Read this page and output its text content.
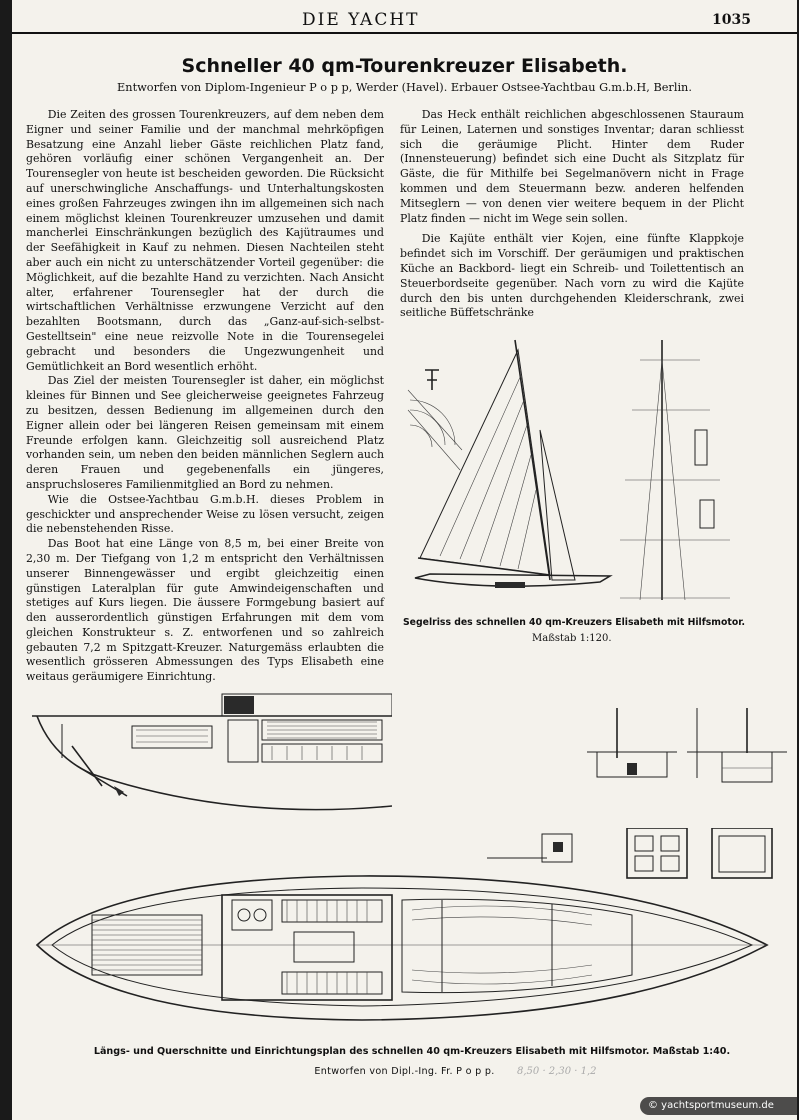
DIE YACHT	1035
Schneller 40 qm-Tourenkreuzer Elisabeth.
Entworfen von Diplom-Ingenieur P o p p, Werder (Havel). Erbauer Ostsee-Yachtbau G.m.b.H, Berlin.

Die Zeiten des grossen Tourenkreuzers, auf dem neben dem Eigner und seiner Familie und der manchmal mehrköpfigen Besatzung eine Anzahl lieber Gäste reichlichen Platz fand, gehören vorläufig einer schönen Vergangenheit an. Der Tourensegler von heute ist bescheiden geworden. Die Rücksicht auf unerschwingliche Anschaffungs- und Unterhaltungskosten eines großen Fahrzeuges zwingen ihn im allgemeinen sich nach einem möglichst kleinen Tourenkreuzer umzusehen und damit mancherlei Einschränkungen bezüglich des Kajütraumes und der Seefähigkeit in Kauf zu nehmen. Diesen Nachteilen steht aber auch ein nicht zu unterschätzender Vorteil gegenüber: die Möglichkeit, auf die bezahlte Hand zu verzichten. Nach Ansicht alter, erfahrener Tourensegler hat der durch die wirtschaftlichen Verhältnisse erzwungene Verzicht auf den bezahlten Bootsmann, durch das „Ganz-auf-sich-selbst-Gestelltsein" eine neue reizvolle Note in die Tourensegelei gebracht und besonders die Ungezwungenheit und Gemütlichkeit an Bord wesentlich erhöht.

Das Ziel der meisten Tourensegler ist daher, ein möglichst kleines für Binnen und See gleicherweise geeignetes Fahrzeug zu besitzen, dessen Bedienung im allgemeinen durch den Eigner allein oder bei längeren Reisen gemeinsam mit einem Freunde erfolgen kann. Gleichzeitig soll ausreichend Platz vorhanden sein, um neben den beiden männlichen Seglern auch deren Frauen und gegebenenfalls ein jüngeres, anspruchsloseres Familienmitglied an Bord zu nehmen.

Wie die Ostsee-Yachtbau G.m.b.H. dieses Problem in geschickter und ansprechender Weise zu lösen versucht, zeigen die nebenstehenden Risse.

Das Boot hat eine Länge von 8,5 m, bei einer Breite von 2,30 m. Der Tiefgang von 1,2 m entspricht den Verhältnissen unserer Binnengewässer und ergibt gleichzeitig einen günstigen Lateralplan für gute Amwindeigenschaften und stetiges auf Kurs liegen. Die äussere Formgebung basiert auf den ausserordentlich günstigen Erfahrungen mit dem vom gleichen Konstrukteur s. Z. entworfenen und so zahlreich gebauten 7,2 m Spitzgatt-Kreuzer. Naturgemäss erlaubten die wesentlich grösseren Abmessungen des Typs Elisabeth eine weitaus geräumigere Einrichtung.

Das Heck enthält reichlichen abgeschlossenen Stauraum für Leinen, Laternen und sonstiges Inventar; daran schliesst sich die geräumige Plicht. Hinter dem Ruder (Innensteuerung) befindet sich eine Ducht als Sitzplatz für Gäste, die für Mithilfe bei Segelmanövern nicht in Frage kommen und dem Steuermann bezw. anderen helfenden Mitseglern — von denen vier weitere bequem in der Plicht Platz finden — nicht im Wege sein sollen.

Die Kajüte enthält vier Kojen, eine fünfte Klappkoje befindet sich im Vorschiff. Der geräumigen und praktischen Küche an Backbord- liegt ein Schreib- und Toilettentisch an Steuerbordseite gegenüber. Nach vorn zu wird die Kajüte durch den bis unten durchgehenden Kleiderschrank, zwei seitliche Büffetschränke

Segelriss des schnellen 40 qm-Kreuzers Elisabeth mit Hilfsmotor.
Maßstab 1:120.
Längs- und Querschnitte und Einrichtungsplan des schnellen 40 qm-Kreuzers Elisabeth mit Hilfsmotor. Maßstab 1:40.
Entworfen von Dipl.-Ing. Fr. P o p p.	8,50 · 2,30 · 1,2
© yachtsportmuseum.de
